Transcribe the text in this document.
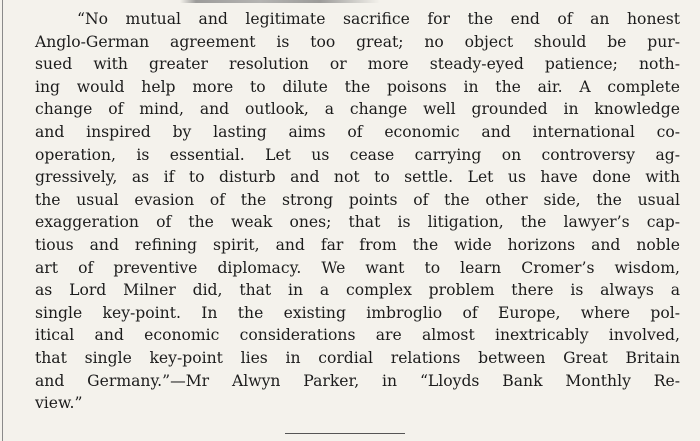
“No mutual and legitimate sacrifice for the end of an honest
Anglo-German agreement is too great; no object should be pur-
sued with greater resolution or more steady-eyed patience; noth-
ing would help more to dilute the poisons in the air. A complete
change of mind, and outlook, a change well grounded in knowledge
and inspired by lasting aims of economic and international co-
operation, is essential. Let us cease carrying on controversy ag-
gressively, as if to disturb and not to settle. Let us have done with
the usual evasion of the strong points of the other side, the usual
exaggeration of the weak ones; that is litigation, the lawyer’s cap-
tious and refining spirit, and far from the wide horizons and noble
art of preventive diplomacy. We want to learn Cromer’s wisdom,
as Lord Milner did, that in a complex problem there is always a
single key-point. In the existing imbroglio of Europe, where pol-
itical and economic considerations are almost inextricably involved,
that single key-point lies in cordial relations between Great Britain
and Germany.”—Mr Alwyn Parker, in “Lloyds Bank Monthly Re-
view.”
